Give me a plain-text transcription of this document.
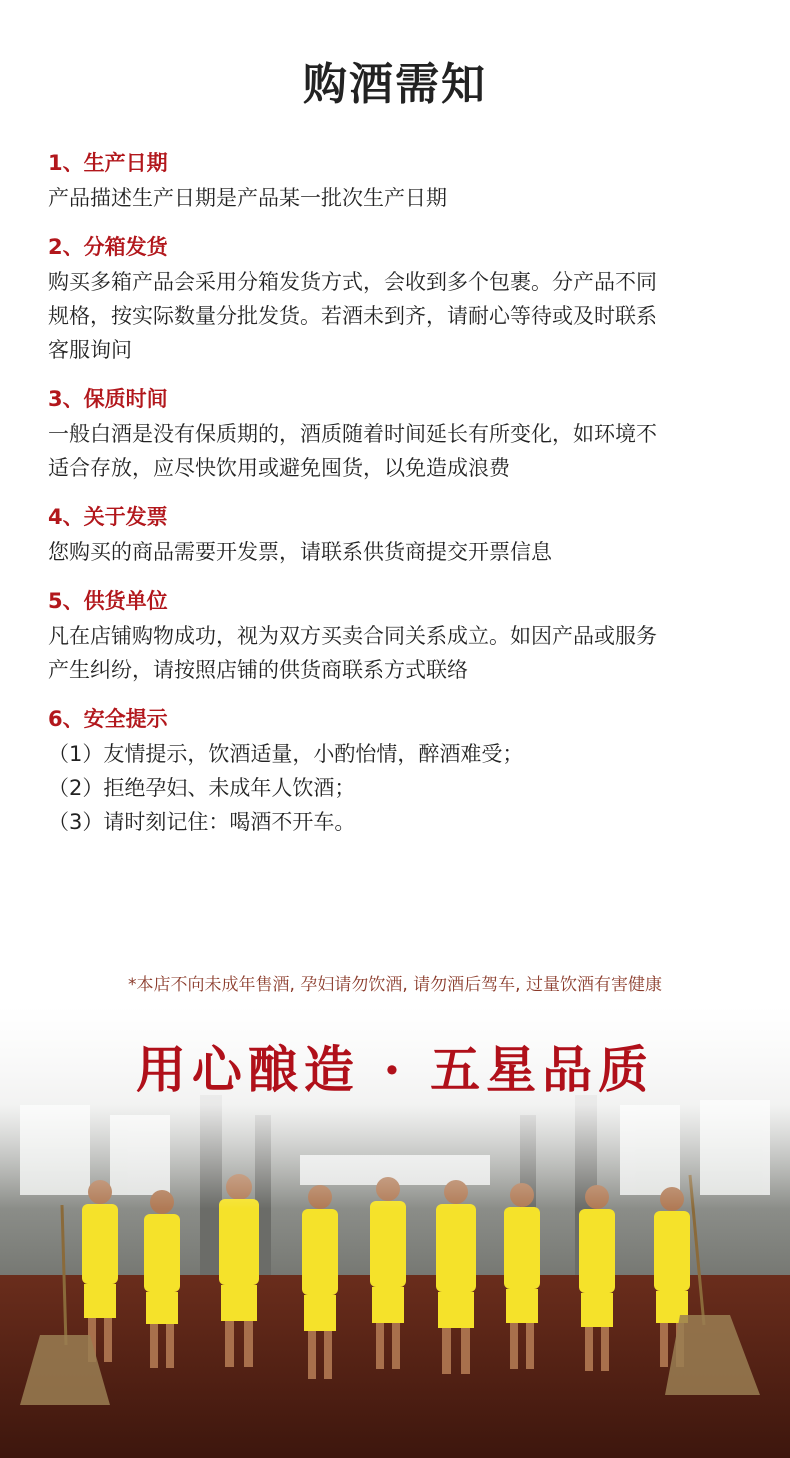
购酒需知
1、生产日期
产品描述生产日期是产品某一批次生产日期
2、分箱发货
购买多箱产品会采用分箱发货方式，会收到多个包裹。分产品不同
规格，按实际数量分批发货。若酒未到齐，请耐心等待或及时联系
客服询问
3、保质时间
一般白酒是没有保质期的，酒质随着时间延长有所变化，如环境不
适合存放，应尽快饮用或避免囤货，以免造成浪费
4、关于发票
您购买的商品需要开发票，请联系供货商提交开票信息
5、供货单位
凡在店铺购物成功，视为双方买卖合同关系成立。如因产品或服务
产生纠纷，请按照店铺的供货商联系方式联络
6、安全提示
（1）友情提示，饮酒适量，小酌怡情，醉酒难受；
（2）拒绝孕妇、未成年人饮酒；
（3）请时刻记住：喝酒不开车。
*本店不向未成年售酒, 孕妇请勿饮酒, 请勿酒后驾车, 过量饮酒有害健康
用心酿造 · 五星品质
